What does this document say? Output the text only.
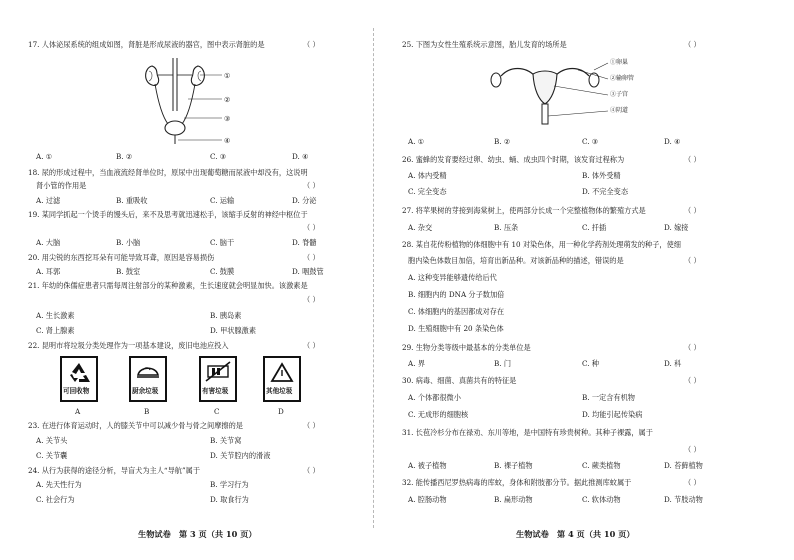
17. 人体泌尿系统的组成如图，肾脏是形成尿液的器官，图中表示肾脏的是	（ ）
①
②
③
④
A. ①	B. ②	C. ③	D. ④
18. 尿的形成过程中，当血液流经肾单位时，原尿中出现葡萄糖而尿液中却没有，这说明
肾小管的作用是	（ ）
A. 过滤	B. 重吸收	C. 运输	D. 分泌
19. 某同学抓起一个烫手的馒头后，来不及思考就迅速松手，该缩手反射的神经中枢位于
（ ）
A. 大脑	B. 小脑	C. 脑干	D. 脊髓
20. 用尖锐的东西挖耳朵有可能导致耳聋，原因是容易损伤	（ ）
A. 耳郭	B. 鼓室	C. 鼓膜	D. 咽鼓管
21. 年幼的侏儒症患者只需每周注射部分的某种激素，生长速度就会明显加快。该激素是
（ ）
A. 生长激素	B. 胰岛素
C. 肾上腺素	D. 甲状腺激素
22. 昆明市将垃圾分类处理作为一项基本建设，废旧电池应投入	（ ）
可回收物	厨余垃圾	有害垃圾	其他垃圾
A	B	C	D
23. 在进行体育运动时，人的膝关节中可以减少骨与骨之间摩擦的是	（ ）
A. 关节头	B. 关节窝
C. 关节囊	D. 关节腔内的滑液
24. 从行为获得的途径分析，导盲犬为主人“导航”属于	（ ）
A. 先天性行为	B. 学习行为
C. 社会行为	D. 取食行为
生物试卷　第 3 页（共 10 页）
25. 下图为女性生殖系统示意图，胎儿发育的场所是	（ ）
①卵巢
②输卵管
③子宫
④阴道
A. ①	B. ②	C. ③	D. ④
26. 蜜蜂的发育要经过卵、幼虫、蛹、成虫四个时期，该发育过程称为	（ ）
A. 体内受精	B. 体外受精
C. 完全变态	D. 不完全变态
27. 将苹果树的芽接到海棠树上，使两部分长成一个完整植物体的繁殖方式是	（ ）
A. 杂交	B. 压条	C. 扦插	D. 嫁接
28. 某自花传粉植物的体细胞中有 10 对染色体，用一种化学药剂处理萌发的种子，使细
胞内染色体数目加倍，培育出新品种。对该新品种的描述，错误的是	（ ）
A. 这种变异能够遗传给后代
B. 细胞内的 DNA 分子数加倍
C. 体细胞内的基因都成对存在
D. 生殖细胞中有 20 条染色体
29. 生物分类等级中最基本的分类单位是	（ ）
A. 界	B. 门	C. 种	D. 科
30. 病毒、细菌、真菌共有的特征是	（ ）
A. 个体都很微小	B. 一定含有机物
C. 无成形的细胞核	D. 均能引起传染病
31. 长苞冷杉分布在禄劝、东川等地，是中国特有珍贵树种。其种子裸露，属于
（ ）
A. 被子植物	B. 裸子植物	C. 蕨类植物	D. 苔藓植物
32. 能传播西尼罗热病毒的库蚊，身体和附肢都分节。据此推测库蚊属于	（ ）
A. 腔肠动物	B. 扁形动物	C. 软体动物	D. 节肢动物
生物试卷　第 4 页（共 10 页）
